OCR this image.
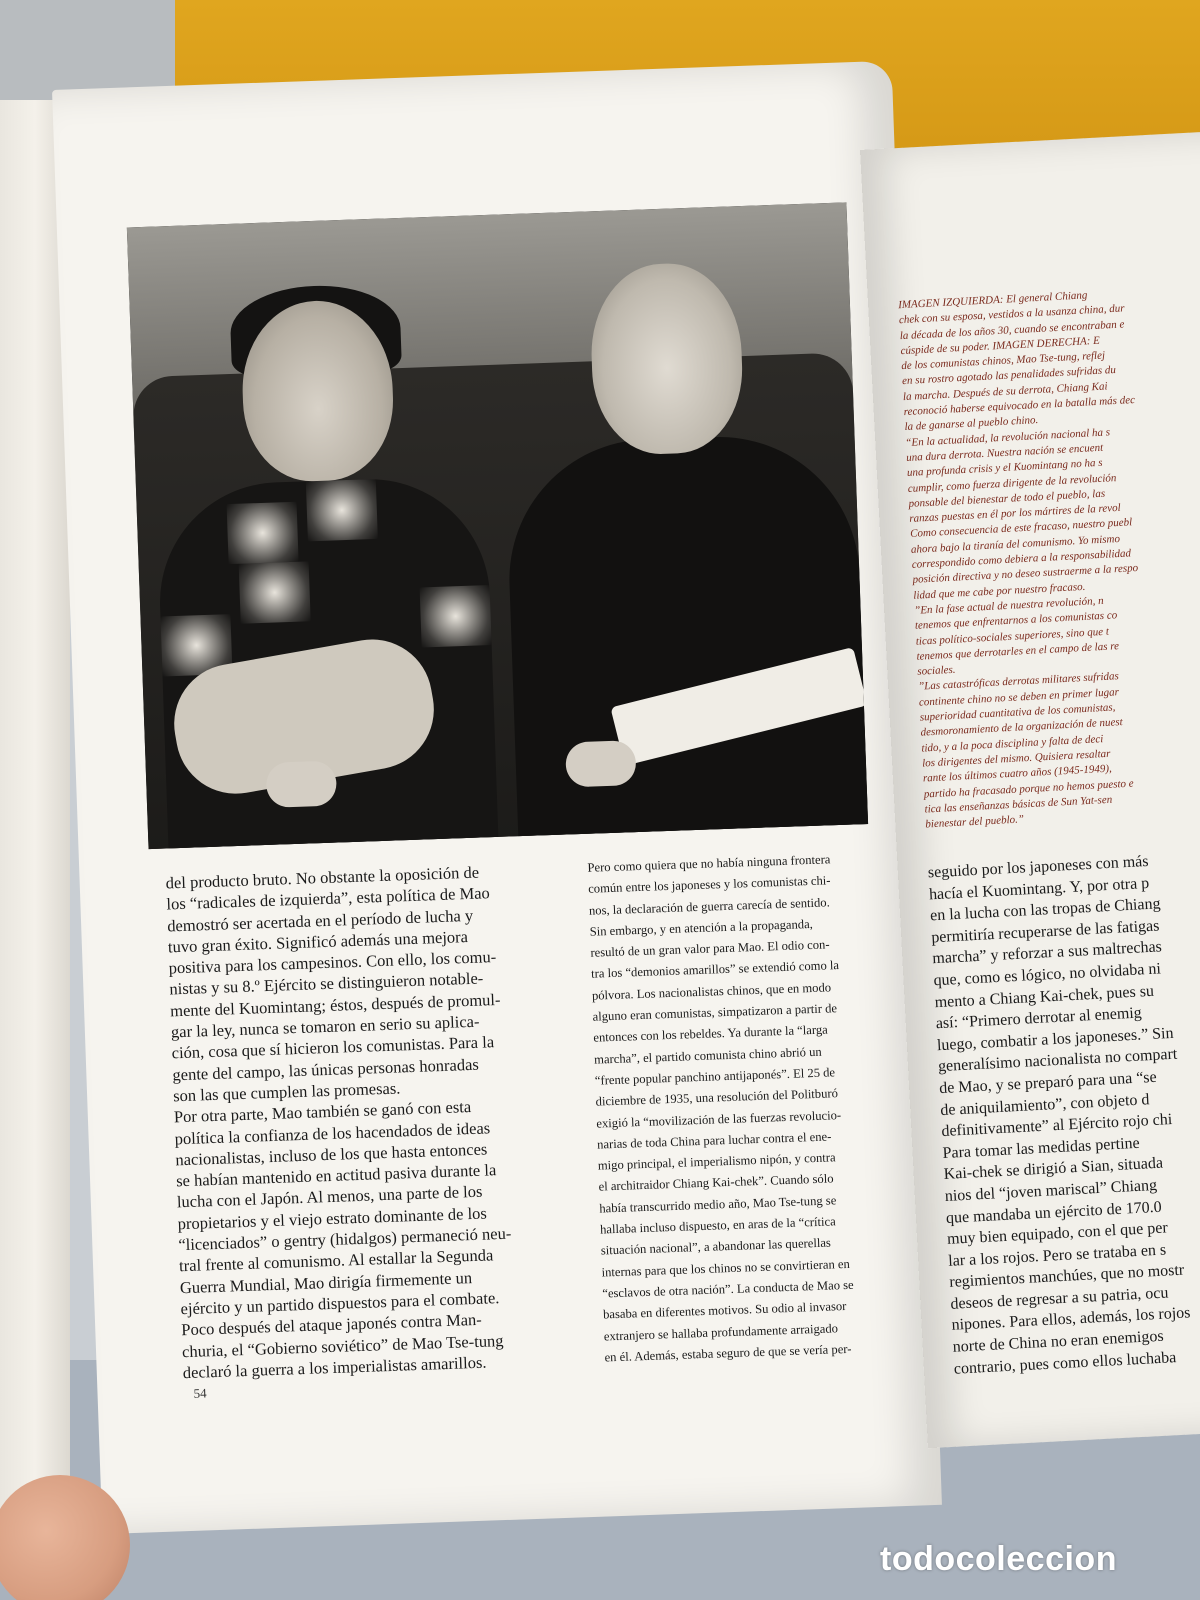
del producto bruto. No obstante la oposición de
los “radicales de izquierda”, esta política de Mao
demostró ser acertada en el período de lucha y
tuvo gran éxito. Significó además una mejora
positiva para los campesinos. Con ello, los comu-
nistas y su 8.º Ejército se distinguieron notable-
mente del Kuomintang; éstos, después de promul-
gar la ley, nunca se tomaron en serio su aplica-
ción, cosa que sí hicieron los comunistas. Para la
gente del campo, las únicas personas honradas
son las que cumplen las promesas.
Por otra parte, Mao también se ganó con esta
política la confianza de los hacendados de ideas
nacionalistas, incluso de los que hasta entonces
se habían mantenido en actitud pasiva durante la
lucha con el Japón. Al menos, una parte de los
propietarios y el viejo estrato dominante de los
“licenciados” o gentry (hidalgos) permaneció neu-
tral frente al comunismo. Al estallar la Segunda
Guerra Mundial, Mao dirigía firmemente un
ejército y un partido dispuestos para el combate.
Poco después del ataque japonés contra Man-
churia, el “Gobierno soviético” de Mao Tse-tung
declaró la guerra a los imperialistas amarillos.
Pero como quiera que no había ninguna frontera
común entre los japoneses y los comunistas chi-
nos, la declaración de guerra carecía de sentido.
Sin embargo, y en atención a la propaganda,
resultó de un gran valor para Mao. El odio con-
tra los “demonios amarillos” se extendió como la
pólvora. Los nacionalistas chinos, que en modo
alguno eran comunistas, simpatizaron a partir de
entonces con los rebeldes. Ya durante la “larga
marcha”, el partido comunista chino abrió un
“frente popular panchino antijaponés”. El 25 de
diciembre de 1935, una resolución del Politburó
exigió la “movilización de las fuerzas revolucio-
narias de toda China para luchar contra el ene-
migo principal, el imperialismo nipón, y contra
el architraidor Chiang Kai-chek”. Cuando sólo
había transcurrido medio año, Mao Tse-tung se
hallaba incluso dispuesto, en aras de la “crítica
situación nacional”, a abandonar las querellas
internas para que los chinos no se convirtieran en
“esclavos de otra nación”. La conducta de Mao se
basaba en diferentes motivos. Su odio al invasor
extranjero se hallaba profundamente arraigado
en él. Además, estaba seguro de que se vería per-
54
IMAGEN IZQUIERDA: El general Chiang
chek con su esposa, vestidos a la usanza china, dur
la década de los años 30, cuando se encontraban e
cúspide de su poder. IMAGEN DERECHA: E
de los comunistas chinos, Mao Tse-tung, reflej
en su rostro agotado las penalidades sufridas du
la marcha. Después de su derrota, Chiang Kai
reconoció haberse equivocado en la batalla más dec
la de ganarse al pueblo chino.
“En la actualidad, la revolución nacional ha s
una dura derrota. Nuestra nación se encuent
una profunda crisis y el Kuomintang no ha s
cumplir, como fuerza dirigente de la revolución
ponsable del bienestar de todo el pueblo, las
ranzas puestas en él por los mártires de la revol
Como consecuencia de este fracaso, nuestro puebl
ahora bajo la tiranía del comunismo. Yo mismo
correspondido como debiera a la responsabilidad
posición directiva y no deseo sustraerme a la respo
lidad que me cabe por nuestro fracaso.
”En la fase actual de nuestra revolución, n
tenemos que enfrentarnos a los comunistas co
ticas político-sociales superiores, sino que t
tenemos que derrotarles en el campo de las re
sociales.
”Las catastróficas derrotas militares sufridas
continente chino no se deben en primer lugar
superioridad cuantitativa de los comunistas,
desmoronamiento de la organización de nuest
tido, y a la poca disciplina y falta de deci
los dirigentes del mismo. Quisiera resaltar
rante los últimos cuatro años (1945-1949),
partido ha fracasado porque no hemos puesto e
tica las enseñanzas básicas de Sun Yat-sen
bienestar del pueblo.”
seguido por los japoneses con más
hacía el Kuomintang. Y, por otra p
en la lucha con las tropas de Chiang
permitiría recuperarse de las fatigas
marcha” y reforzar a sus maltrechas
que, como es lógico, no olvidaba ni
mento a Chiang Kai-chek, pues su
así: “Primero derrotar al enemig
luego, combatir a los japoneses.” Sin
generalísimo nacionalista no compart
de Mao, y se preparó para una “se
de aniquilamiento”, con objeto d
definitivamente” al Ejército rojo chi
Para tomar las medidas pertine
Kai-chek se dirigió a Sian, situada
nios del “joven mariscal” Chiang
que mandaba un ejército de 170.0
muy bien equipado, con el que per
lar a los rojos. Pero se trataba en s
regimientos manchúes, que no mostr
deseos de regresar a su patria, ocu
nipones. Para ellos, además, los rojos
norte de China no eran enemigos
contrario, pues como ellos luchaba
todocoleccion
